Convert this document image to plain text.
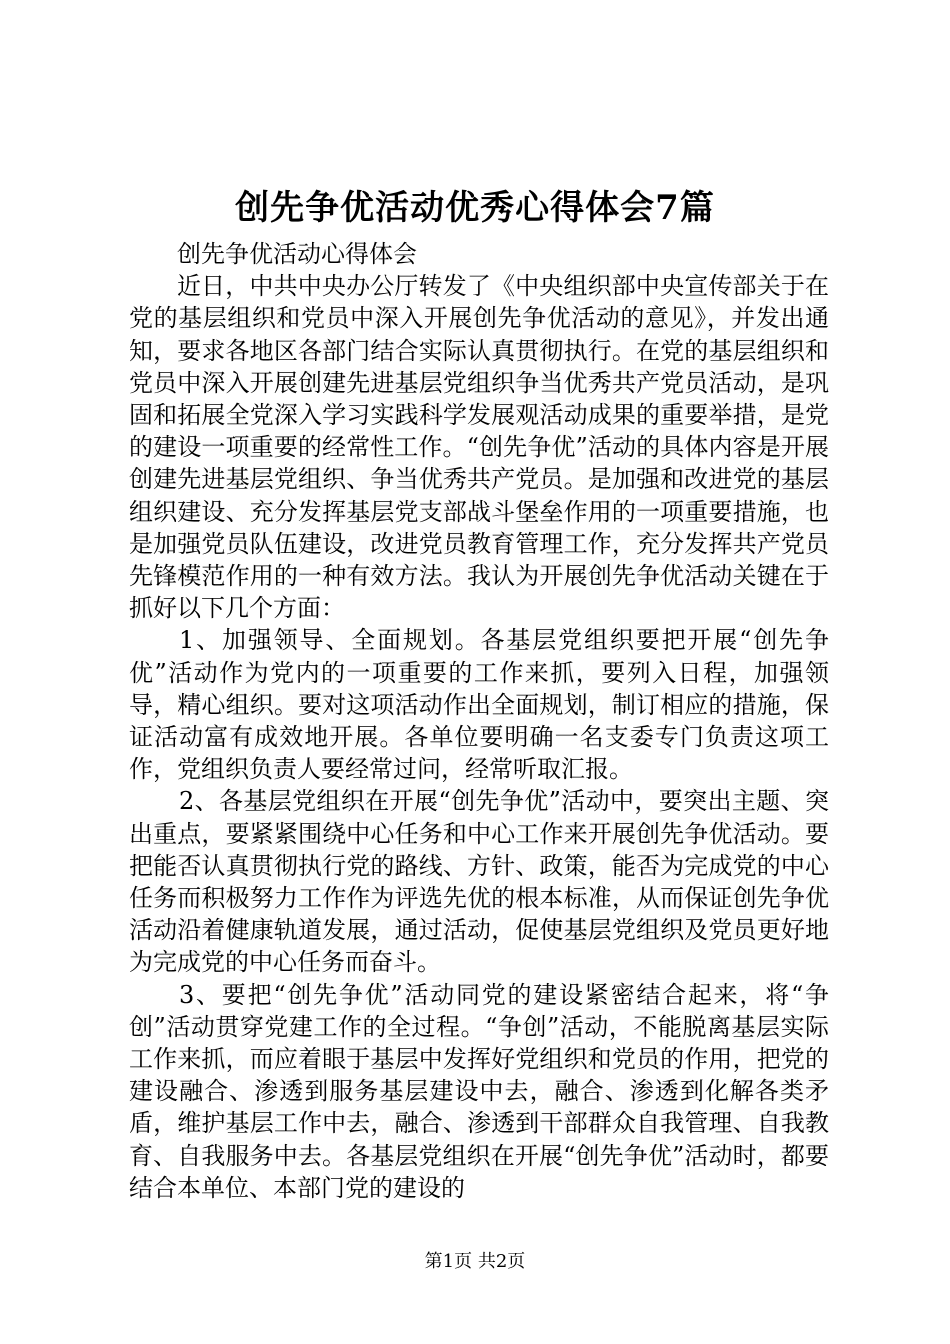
创先争优活动优秀心得体会7篇

创先争优活动心得体会

近日，中共中央办公厅转发了《中央组织部中央宣传部关于在党的基层组织和党员中深入开展创先争优活动的意见》，并发出通知，要求各地区各部门结合实际认真贯彻执行。在党的基层组织和党员中深入开展创建先进基层党组织争当优秀共产党员活动，是巩固和拓展全党深入学习实践科学发展观活动成果的重要举措，是党的建设一项重要的经常性工作。“创先争优”活动的具体内容是开展创建先进基层党组织、争当优秀共产党员。是加强和改进党的基层组织建设、充分发挥基层党支部战斗堡垒作用的一项重要措施，也是加强党员队伍建设，改进党员教育管理工作，充分发挥共产党员先锋模范作用的一种有效方法。我认为开展创先争优活动关键在于抓好以下几个方面：

1、加强领导、全面规划。各基层党组织要把开展“创先争优”活动作为党内的一项重要的工作来抓，要列入日程，加强领导，精心组织。要对这项活动作出全面规划，制订相应的措施，保证活动富有成效地开展。各单位要明确一名支委专门负责这项工作，党组织负责人要经常过问，经常听取汇报。

2、各基层党组织在开展“创先争优”活动中，要突出主题、突出重点，要紧紧围绕中心任务和中心工作来开展创先争优活动。要把能否认真贯彻执行党的路线、方针、政策，能否为完成党的中心任务而积极努力工作作为评选先优的根本标准，从而保证创先争优活动沿着健康轨道发展，通过活动，促使基层党组织及党员更好地为完成党的中心任务而奋斗。

3、要把“创先争优”活动同党的建设紧密结合起来，将“争创”活动贯穿党建工作的全过程。“争创”活动，不能脱离基层实际工作来抓，而应着眼于基层中发挥好党组织和党员的作用，把党的建设融合、渗透到服务基层建设中去，融合、渗透到化解各类矛盾，维护基层工作中去，融合、渗透到干部群众自我管理、自我教育、自我服务中去。各基层党组织在开展“创先争优”活动时，都要结合本单位、本部门党的建设的

第1页 共2页
